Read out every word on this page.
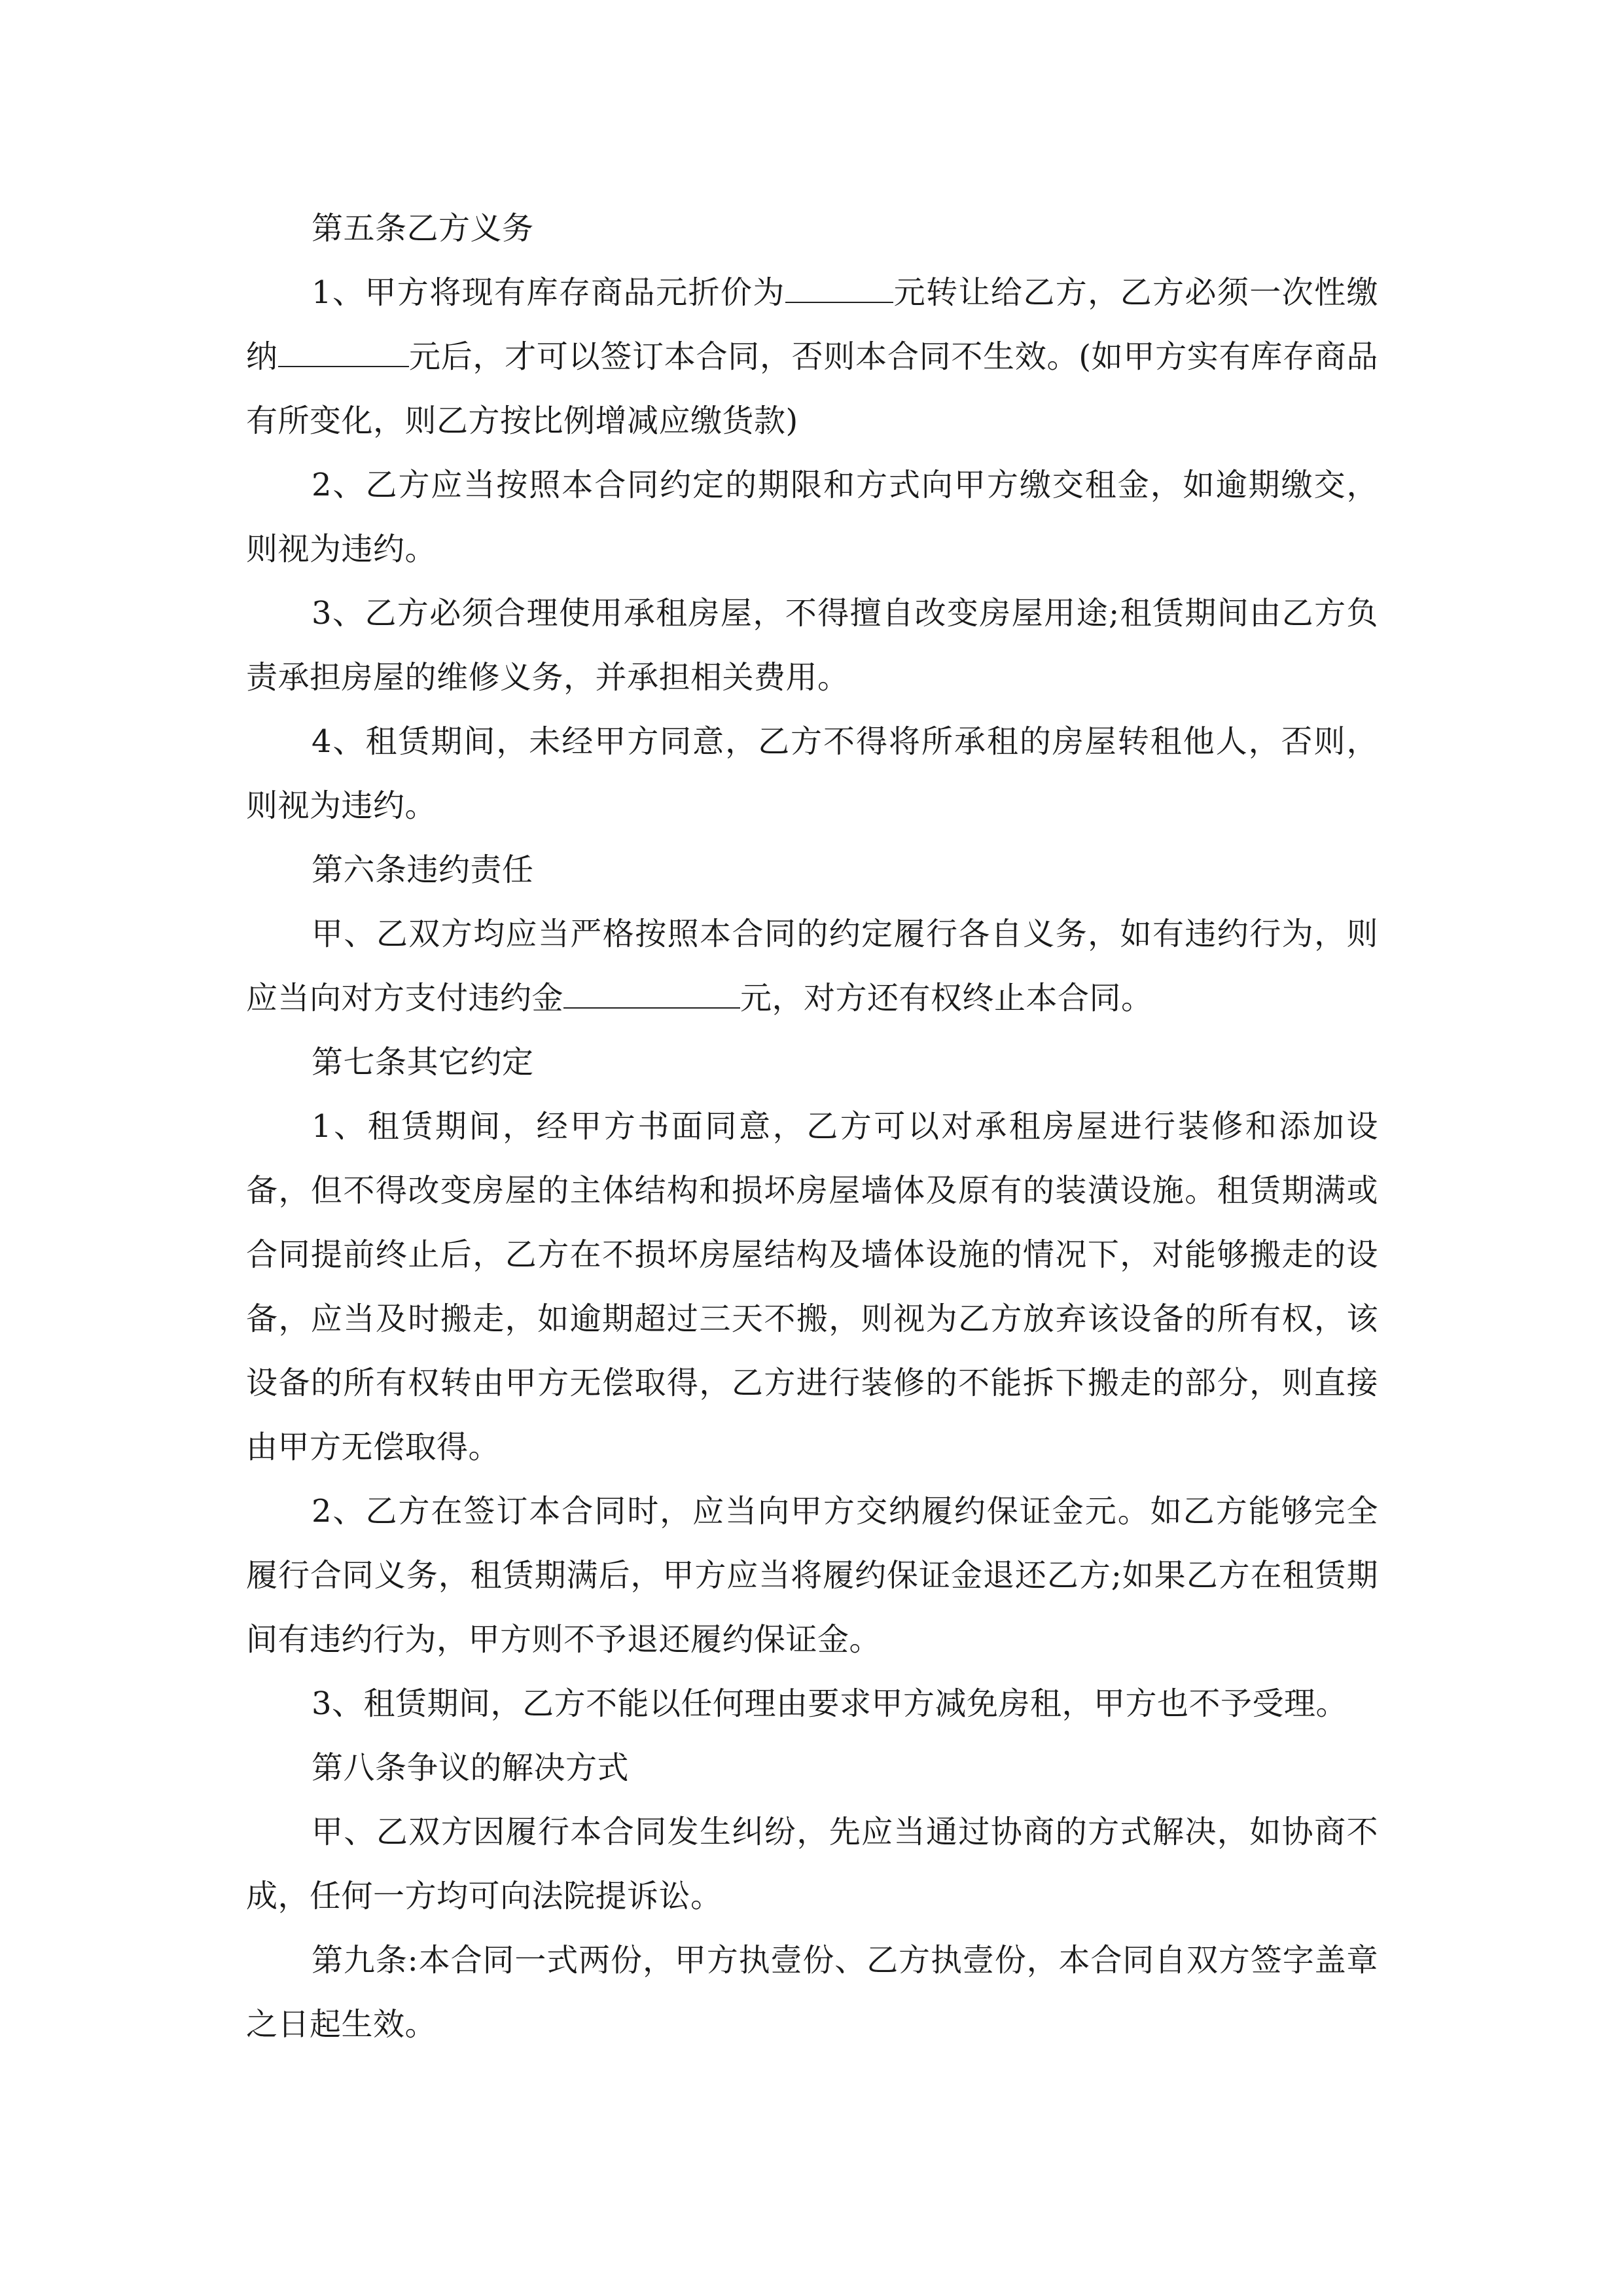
第五条乙方义务

1、甲方将现有库存商品元折价为	元转让给乙方，乙方必须一次性缴纳	元后，才可以签订本合同，否则本合同不生效。(如甲方实有库存商品有所变化，则乙方按比例增减应缴货款)

2、乙方应当按照本合同约定的期限和方式向甲方缴交租金，如逾期缴交，则视为违约。

3、乙方必须合理使用承租房屋，不得擅自改变房屋用途;租赁期间由乙方负责承担房屋的维修义务，并承担相关费用。

4、租赁期间，未经甲方同意，乙方不得将所承租的房屋转租他人，否则，则视为违约。

第六条违约责任

甲、乙双方均应当严格按照本合同的约定履行各自义务，如有违约行为，则应当向对方支付违约金	元，对方还有权终止本合同。

第七条其它约定

1、租赁期间，经甲方书面同意，乙方可以对承租房屋进行装修和添加设备，但不得改变房屋的主体结构和损坏房屋墙体及原有的装潢设施。租赁期满或合同提前终止后，乙方在不损坏房屋结构及墙体设施的情况下，对能够搬走的设备，应当及时搬走，如逾期超过三天不搬，则视为乙方放弃该设备的所有权，该设备的所有权转由甲方无偿取得，乙方进行装修的不能拆下搬走的部分，则直接由甲方无偿取得。

2、乙方在签订本合同时，应当向甲方交纳履约保证金元。如乙方能够完全履行合同义务，租赁期满后，甲方应当将履约保证金退还乙方;如果乙方在租赁期间有违约行为，甲方则不予退还履约保证金。

3、租赁期间，乙方不能以任何理由要求甲方减免房租，甲方也不予受理。

第八条争议的解决方式

甲、乙双方因履行本合同发生纠纷，先应当通过协商的方式解决，如协商不成，任何一方均可向法院提诉讼。

第九条:本合同一式两份，甲方执壹份、乙方执壹份，本合同自双方签字盖章之日起生效。
